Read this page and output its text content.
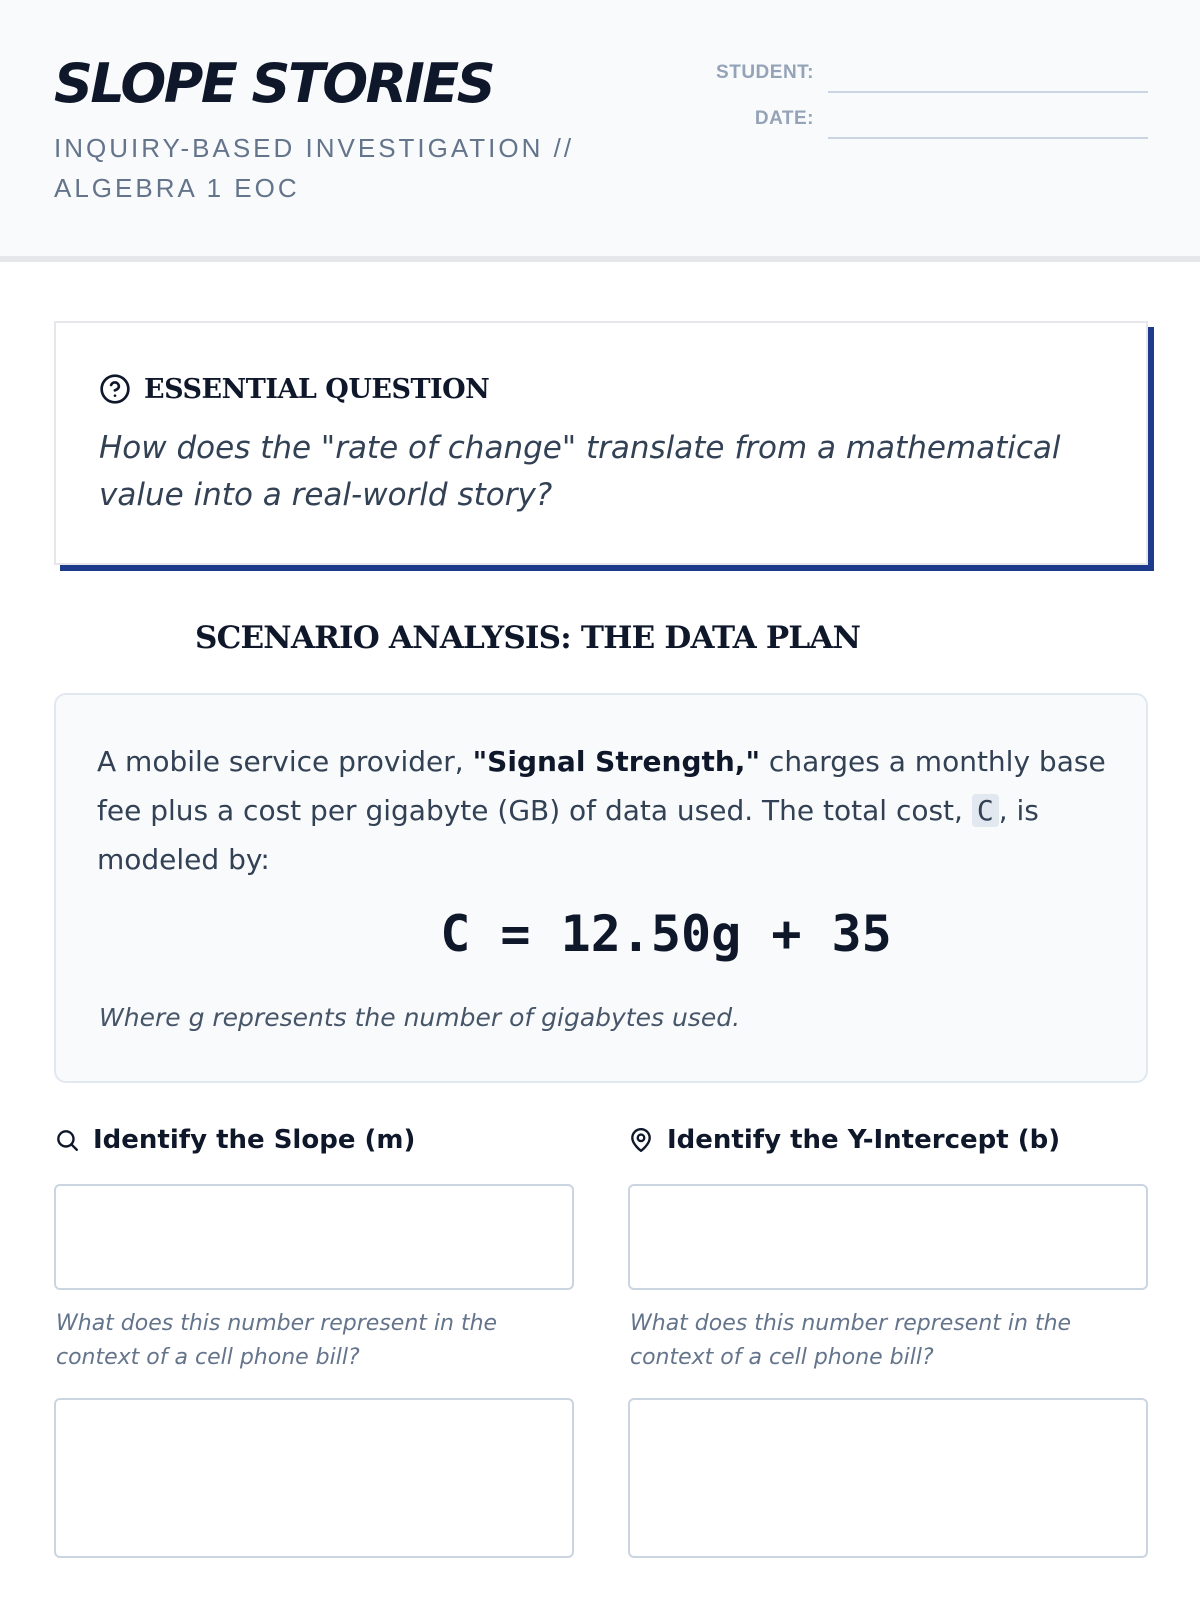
SLOPE STORIES
INQUIRY-BASED INVESTIGATION // ALGEBRA 1 EOC
STUDENT:
DATE:
ESSENTIAL QUESTION
How does the "rate of change" translate from a mathematical value into a real-world story?
SCENARIO ANALYSIS: THE DATA PLAN
A mobile service provider, "Signal Strength," charges a monthly base fee plus a cost per gigabyte (GB) of data used. The total cost, C , is modeled by:
C = 12.50g + 35
Where g represents the number of gigabytes used.
Identify the Slope (m)
What does this number represent in the context of a cell phone bill?
Identify the Y-Intercept (b)
What does this number represent in the context of a cell phone bill?
